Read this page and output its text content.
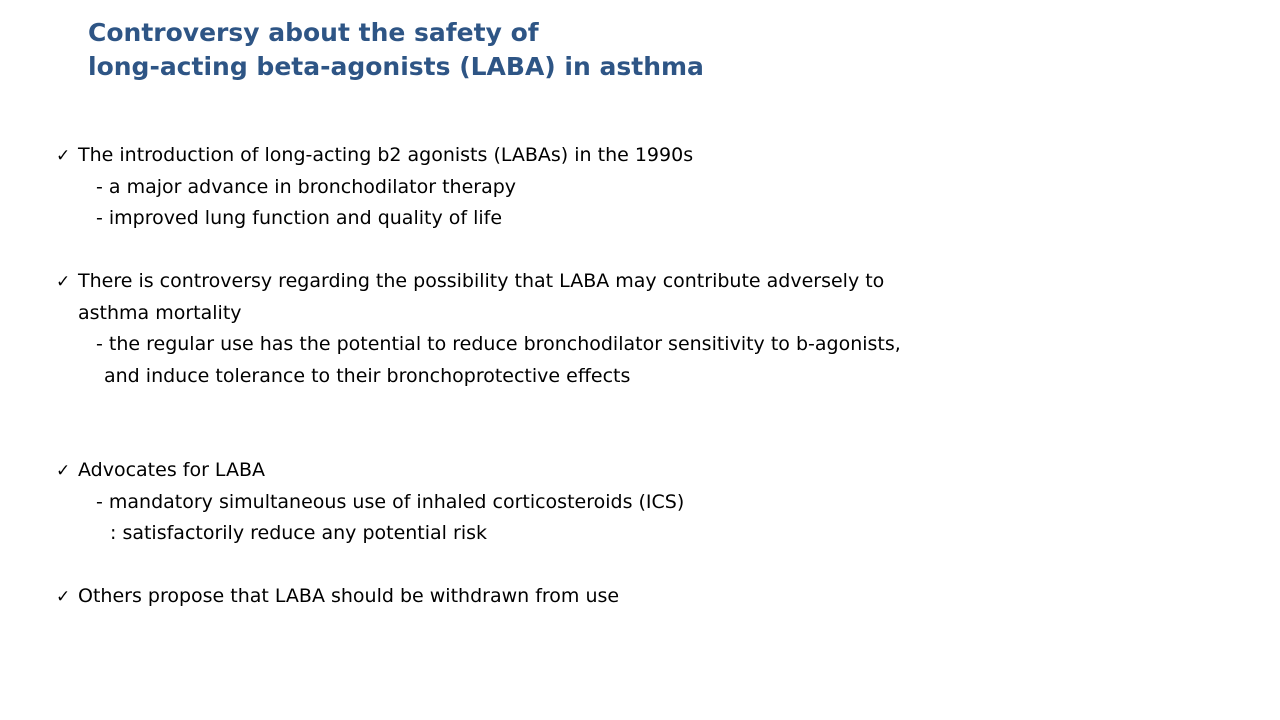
Controversy about the safety of
long-acting beta-agonists (LABA) in asthma
✓ The introduction of long-acting b2 agonists (LABAs) in the 1990s
- a major advance in bronchodilator therapy
- improved lung function and quality of life
✓ There is controversy regarding the possibility that LABA may contribute adversely to
asthma mortality
- the regular use has the potential to reduce bronchodilator sensitivity to b-agonists,
and induce tolerance to their bronchoprotective effects
✓ Advocates for LABA
- mandatory simultaneous use of inhaled corticosteroids (ICS)
: satisfactorily reduce any potential risk
✓ Others propose that LABA should be withdrawn from use
